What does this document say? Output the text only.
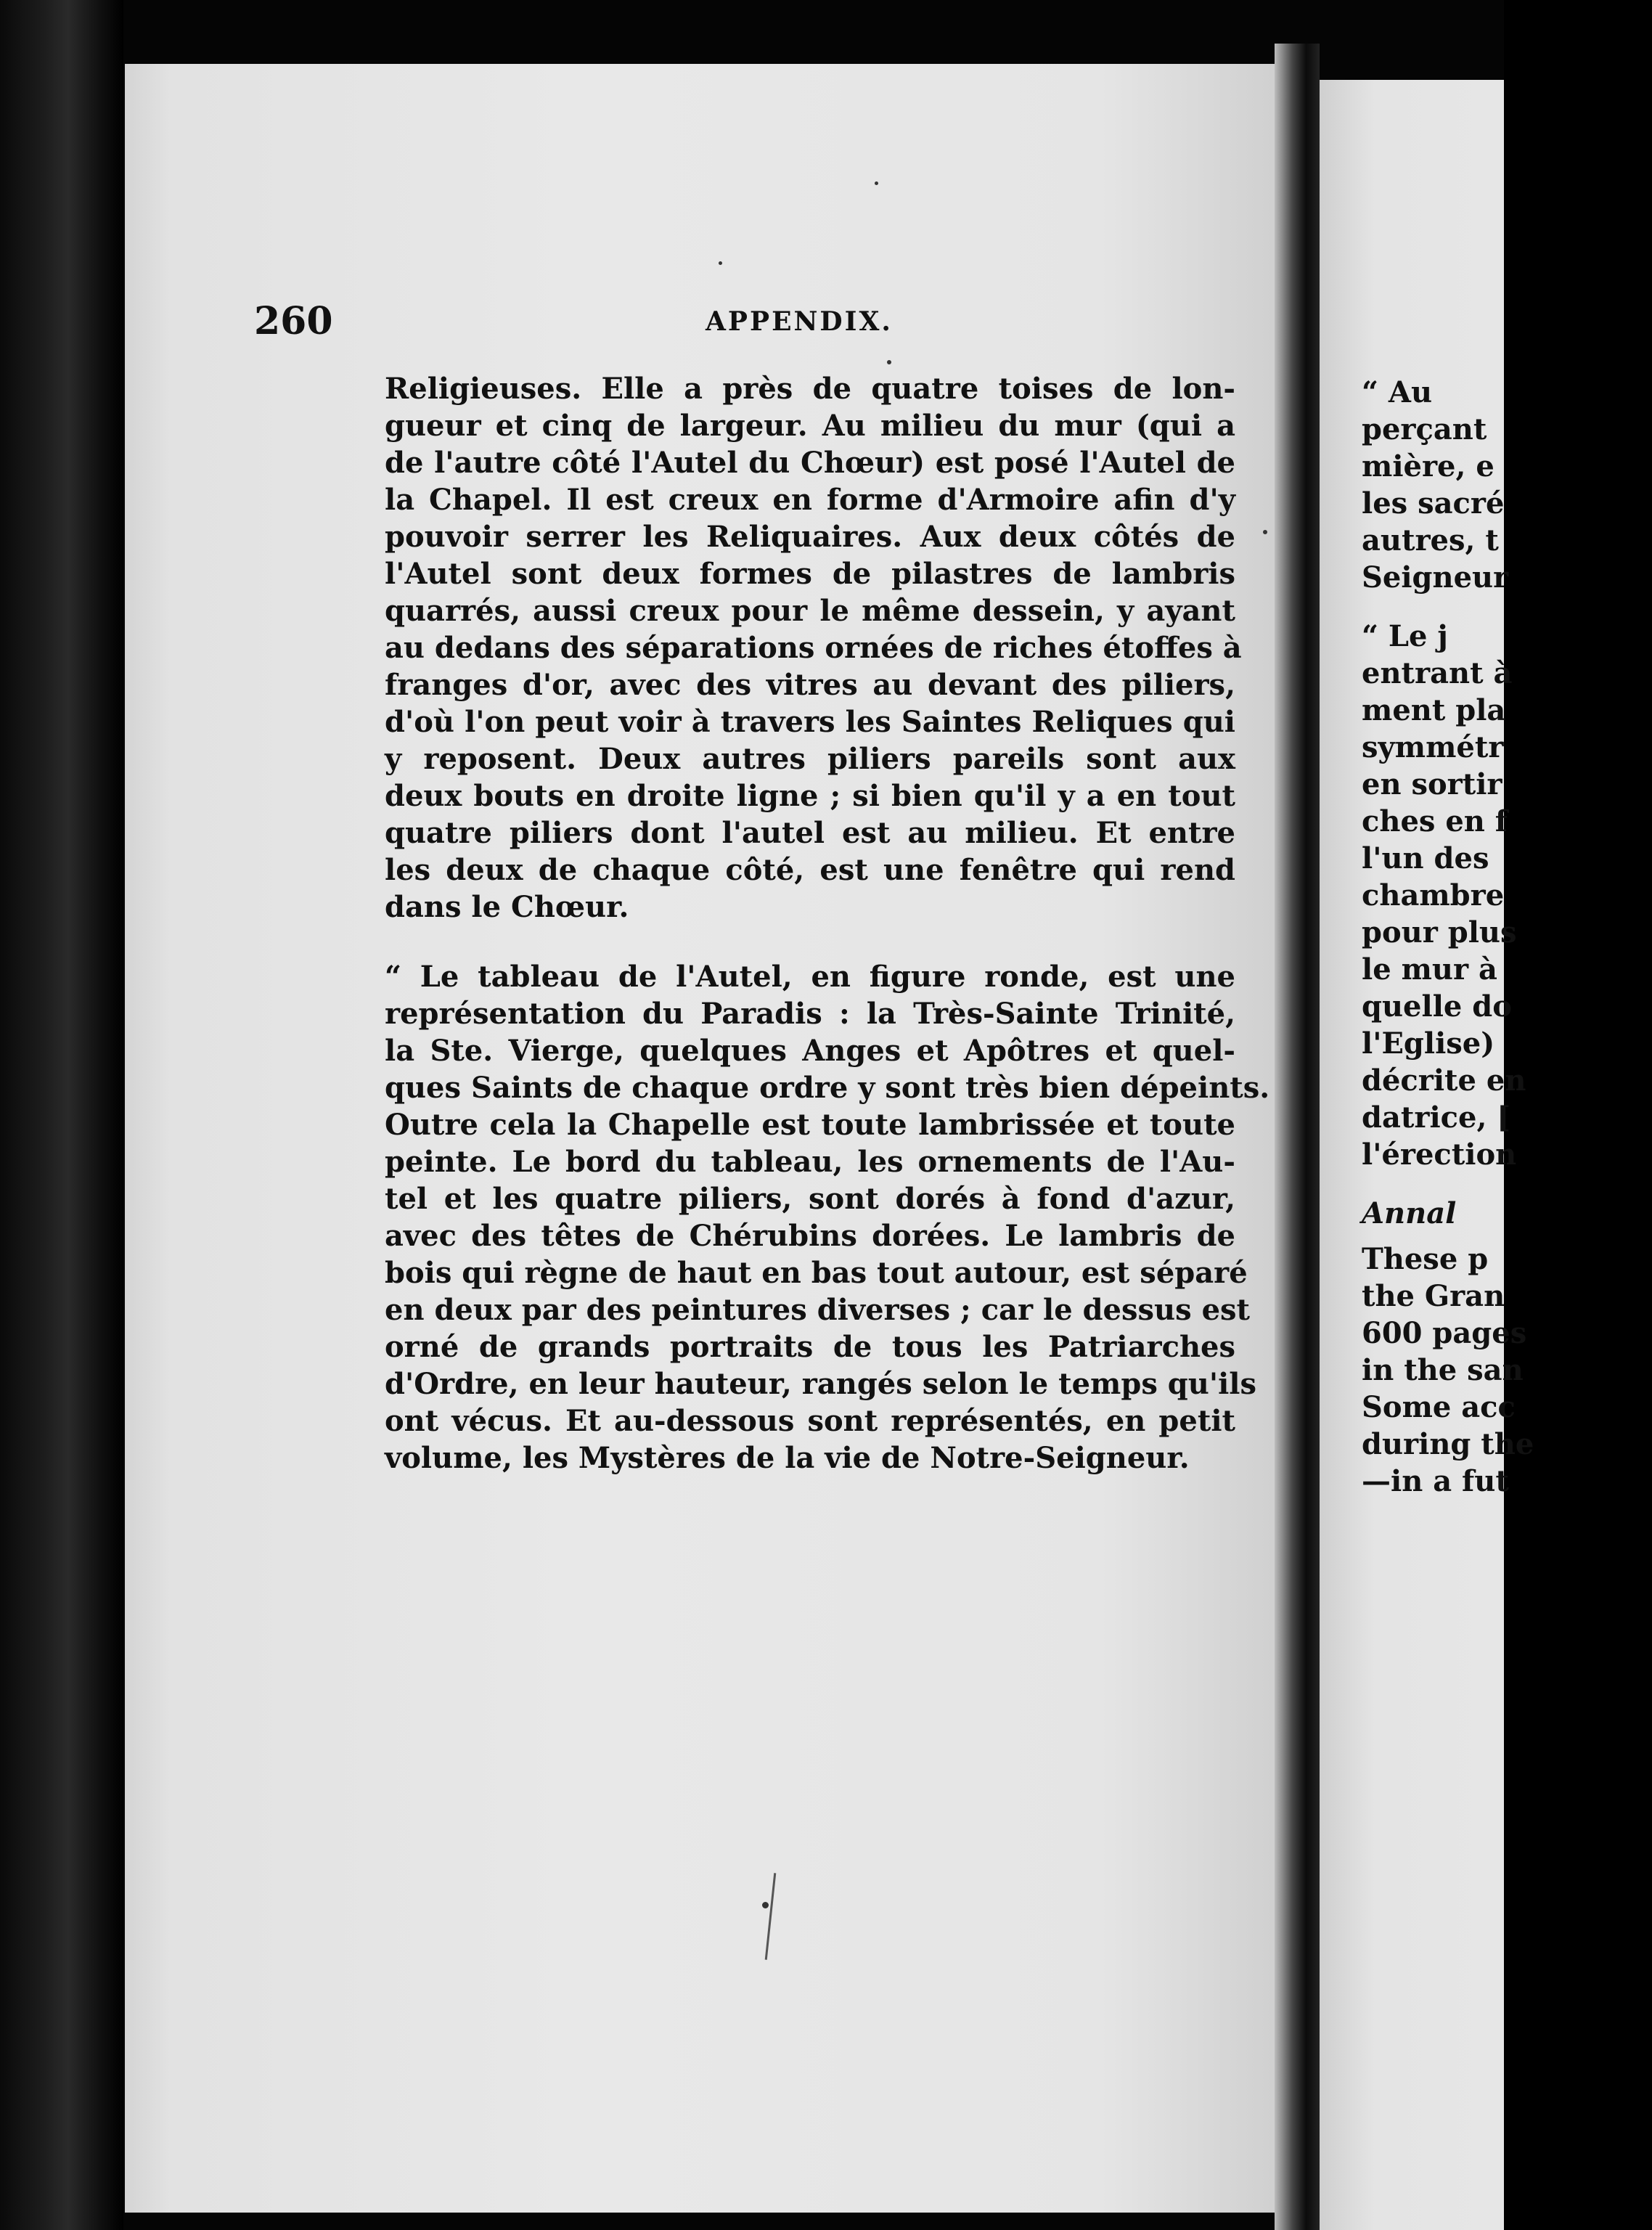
260	APPENDIX.
Religieuses. Elle a près de quatre toises de lon-
gueur et cinq de largeur. Au milieu du mur (qui a
de l'autre côté l'Autel du Chœur) est posé l'Autel de
la Chapel. Il est creux en forme d'Armoire afin d'y
pouvoir serrer les Reliquaires. Aux deux côtés de
l'Autel sont deux formes de pilastres de lambris
quarrés, aussi creux pour le même dessein, y ayant
au dedans des séparations ornées de riches étoffes à
franges d'or, avec des vitres au devant des piliers,
d'où l'on peut voir à travers les Saintes Reliques qui
y reposent. Deux autres piliers pareils sont aux
deux bouts en droite ligne ; si bien qu'il y a en tout
quatre piliers dont l'autel est au milieu. Et entre
les deux de chaque côté, est une fenêtre qui rend
dans le Chœur.
“ Le tableau de l'Autel, en figure ronde, est une
représentation du Paradis : la Très-Sainte Trinité,
la Ste. Vierge, quelques Anges et Apôtres et quel-
ques Saints de chaque ordre y sont très bien dépeints.
Outre cela la Chapelle est toute lambrissée et toute
peinte. Le bord du tableau, les ornements de l'Au-
tel et les quatre piliers, sont dorés à fond d'azur,
avec des têtes de Chérubins dorées. Le lambris de
bois qui règne de haut en bas tout autour, est séparé
en deux par des peintures diverses ; car le dessus est
orné de grands portraits de tous les Patriarches
d'Ordre, en leur hauteur, rangés selon le temps qu'ils
ont vécus. Et au-dessous sont représentés, en petit
volume, les Mystères de la vie de Notre-Seigneur.
“ Au
perçant
mière, e
les sacré
autres, t
Seigneur
“ Le j
entrant à
ment pla
symmétr
en sortir
ches en f
l'un des
chambre
pour plus
le mur à
quelle do
l'Eglise)
décrite en
datrice, [
l'érection
Annal
These p
the Gran
600 pages
in the san
Some acc
during the
—in a fut
